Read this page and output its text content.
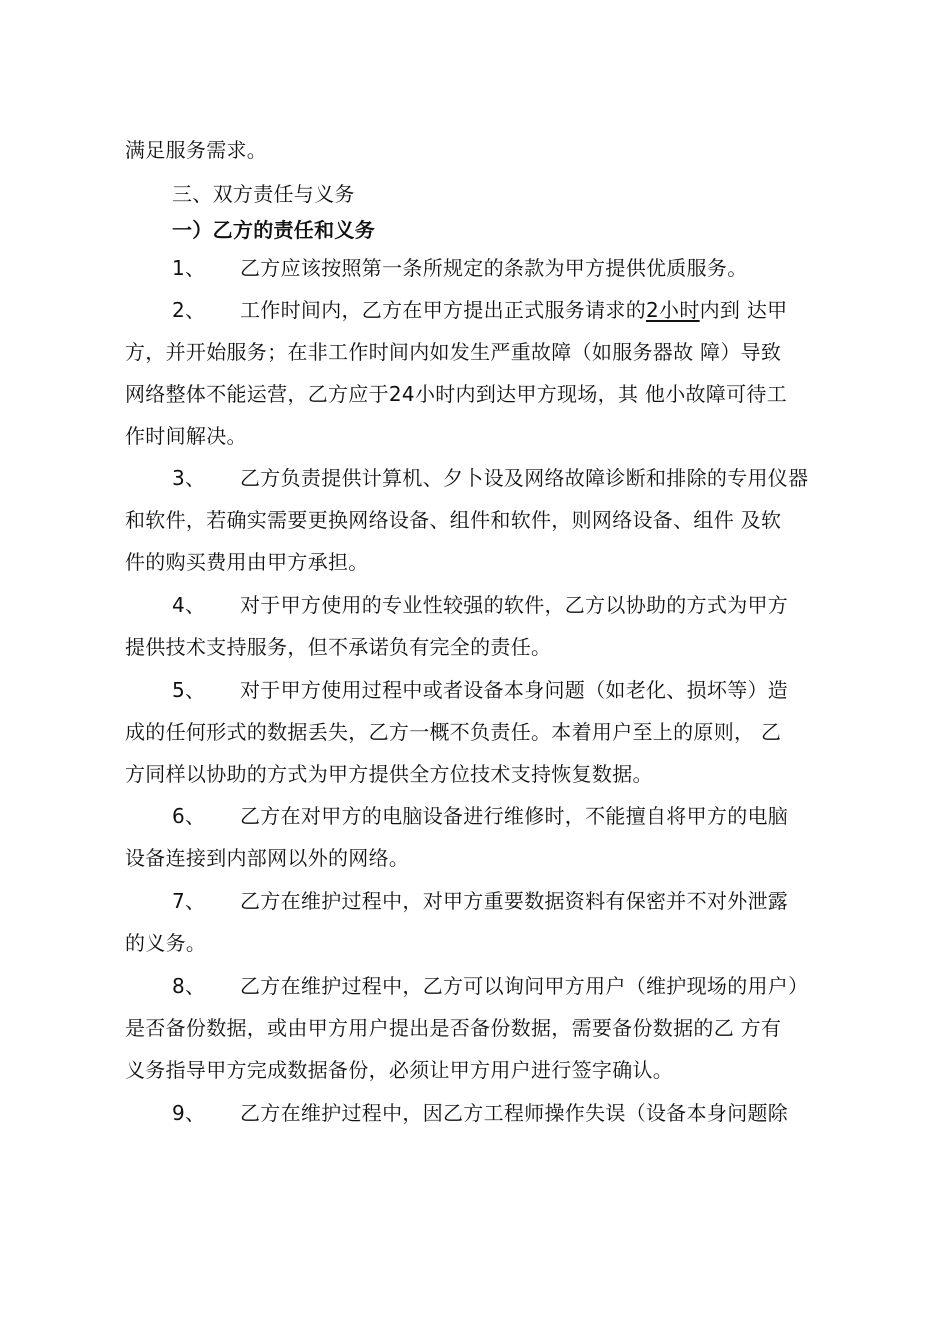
满足服务需求。
三、双方责任与义务
一）乙方的责任和义务
1、 乙方应该按照第一条所规定的条款为甲方提供优质服务。
2、 工作时间内，乙方在甲方提出正式服务请求的2小时内到 达甲
方，并开始服务；在非工作时间内如发生严重故障（如服务器故 障）导致
网络整体不能运营，乙方应于24小时内到达甲方现场，其 他小故障可待工
作时间解决。
3、 乙方负责提供计算机、夕卜设及网络故障诊断和排除的专用仪器
和软件，若确实需要更换网络设备、组件和软件，则网络设备、组件 及软
件的购买费用由甲方承担。
4、 对于甲方使用的专业性较强的软件，乙方以协助的方式为甲方
提供技术支持服务，但不承诺负有完全的责任。
5、 对于甲方使用过程中或者设备本身问题（如老化、损坏等）造
成的任何形式的数据丢失，乙方一概不负责任。本着用户至上的原则， 乙
方同样以协助的方式为甲方提供全方位技术支持恢复数据。
6、 乙方在对甲方的电脑设备进行维修时，不能擅自将甲方的电脑
设备连接到内部网以外的网络。
7、 乙方在维护过程中，对甲方重要数据资料有保密并不对外泄露
的义务。
8、 乙方在维护过程中，乙方可以询问甲方用户（维护现场的用户）
是否备份数据，或由甲方用户提出是否备份数据，需要备份数据的乙 方有
义务指导甲方完成数据备份，必须让甲方用户进行签字确认。
9、 乙方在维护过程中，因乙方工程师操作失误（设备本身问题除
